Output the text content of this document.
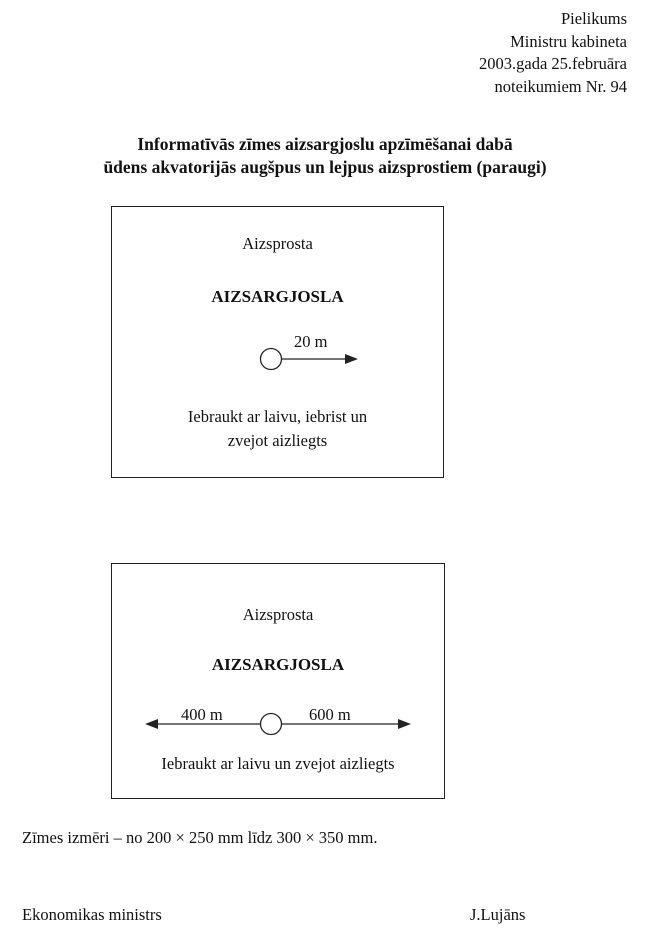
Pielikums
Ministru kabineta
2003.gada 25.februāra
noteikumiem Nr. 94
Informatīvās zīmes aizsargjoslu apzīmēšanai dabā
ūdens akvatorijās augšpus un lejpus aizsprostiem (paraugi)
Aizsprosta
AIZSARGJOSLA
20 m
Iebraukt ar laivu, iebrist un
zvejot aizliegts
Aizsprosta
AIZSARGJOSLA
400 m	600 m
Iebraukt ar laivu un zvejot aizliegts
Zīmes izmēri – no 200 × 250 mm līdz 300 × 350 mm.
Ekonomikas ministrs	J.Lujāns
